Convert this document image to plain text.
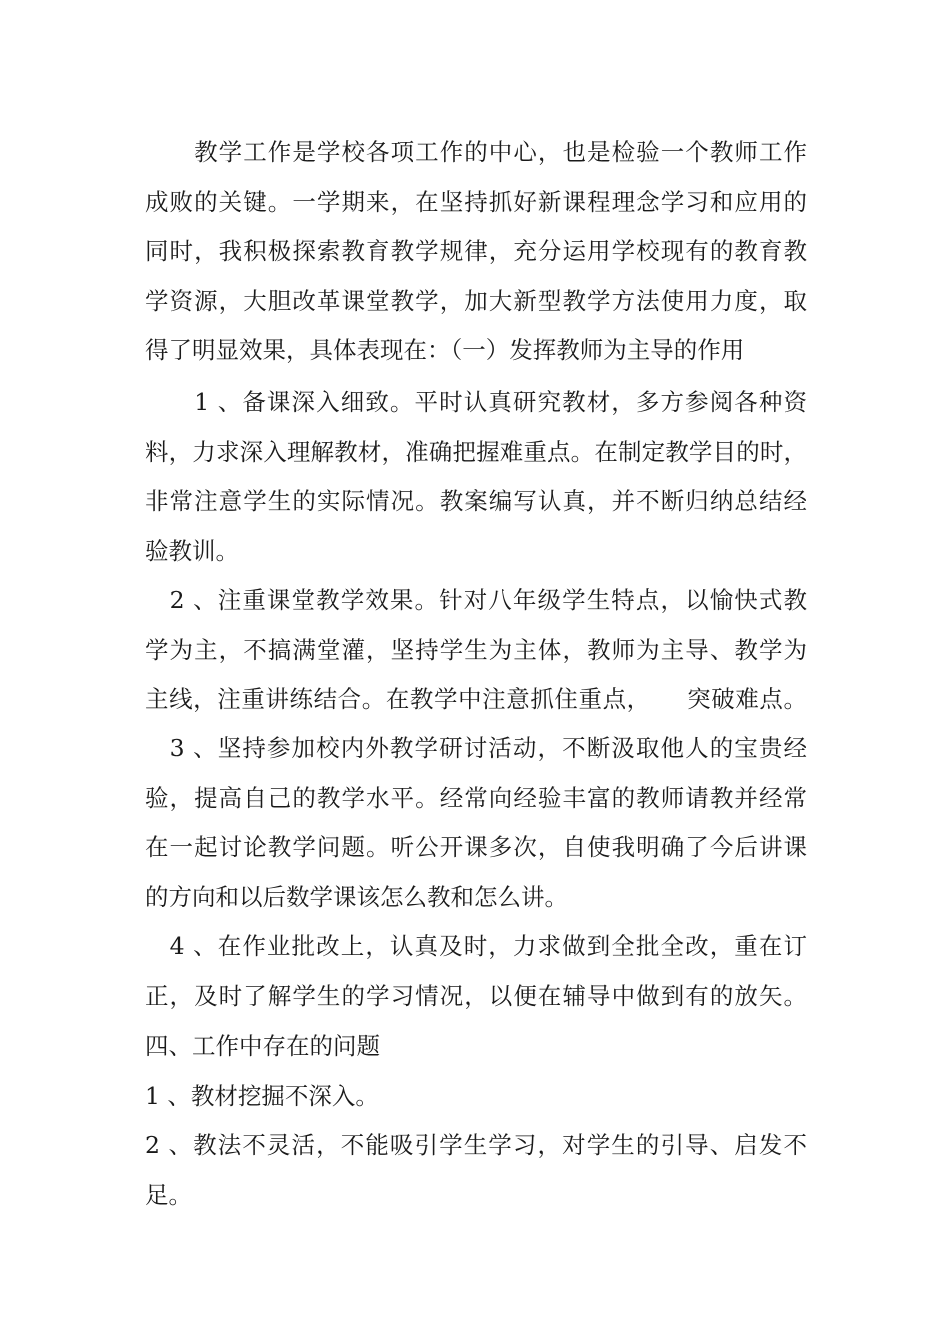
　　教学工作是学校各项工作的中心，也是检验一个教师工作
成败的关键。一学期来，在坚持抓好新课程理念学习和应用的
同时，我积极探索教育教学规律，充分运用学校现有的教育教
学资源，大胆改革课堂教学，加大新型教学方法使用力度，取
得了明显效果，具体表现在：（一）发挥教师为主导的作用
　　1 、备课深入细致。平时认真研究教材，多方参阅各种资
料，力求深入理解教材，准确把握难重点。在制定教学目的时，
非常注意学生的实际情况。教案编写认真，并不断归纳总结经
验教训。
　2 、注重课堂教学效果。针对八年级学生特点，以愉快式教
学为主，不搞满堂灌，坚持学生为主体，教师为主导、教学为
主线，注重讲练结合。在教学中注意抓住重点，　　突破难点。
　3 、坚持参加校内外教学研讨活动，不断汲取他人的宝贵经
验，提高自己的教学水平。经常向经验丰富的教师请教并经常
在一起讨论教学问题。听公开课多次，自使我明确了今后讲课
的方向和以后数学课该怎么教和怎么讲。
　4 、在作业批改上，认真及时，力求做到全批全改，重在订
正，及时了解学生的学习情况，以便在辅导中做到有的放矢。
四、工作中存在的问题
1 、教材挖掘不深入。
2 、教法不灵活，不能吸引学生学习，对学生的引导、启发不
足。
